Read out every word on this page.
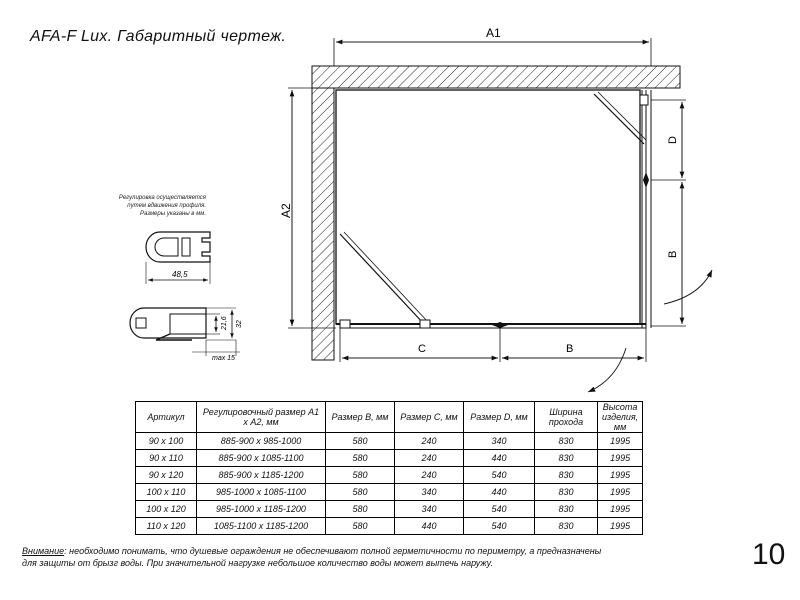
AFA-F Lux. Габаритный чертеж.	A1
A2
C	B
D
B
48,5
21,6 32
max 15
Регулировка осуществляется
путем вдвижения профиля.
Размеры указаны в мм.
Артикул	Регулировочный размер А1 х А2, мм	Размер В, мм	Размер С, мм	Размер D, мм	Ширина прохода	Высота изделия, мм
90 x 100	885-900 x 985-1000	580	240	340	830	1995
90 x 110	885-900 x 1085-1100	580	240	440	830	1995
90 x 120	885-900 x 1185-1200	580	240	540	830	1995
100 x 110	985-1000 x 1085-1100	580	340	440	830	1995
100 x 120	985-1000 x 1185-1200	580	340	540	830	1995
110 x 120	1085-1100 x 1185-1200	580	440	540	830	1995
Внимание: необходимо понимать, что душевые ограждения не обеспечивают полной герметичности по периметру, а предназначены
для защиты от брызг воды. При значительной нагрузке небольшое количество воды может вытечь наружу.	10
